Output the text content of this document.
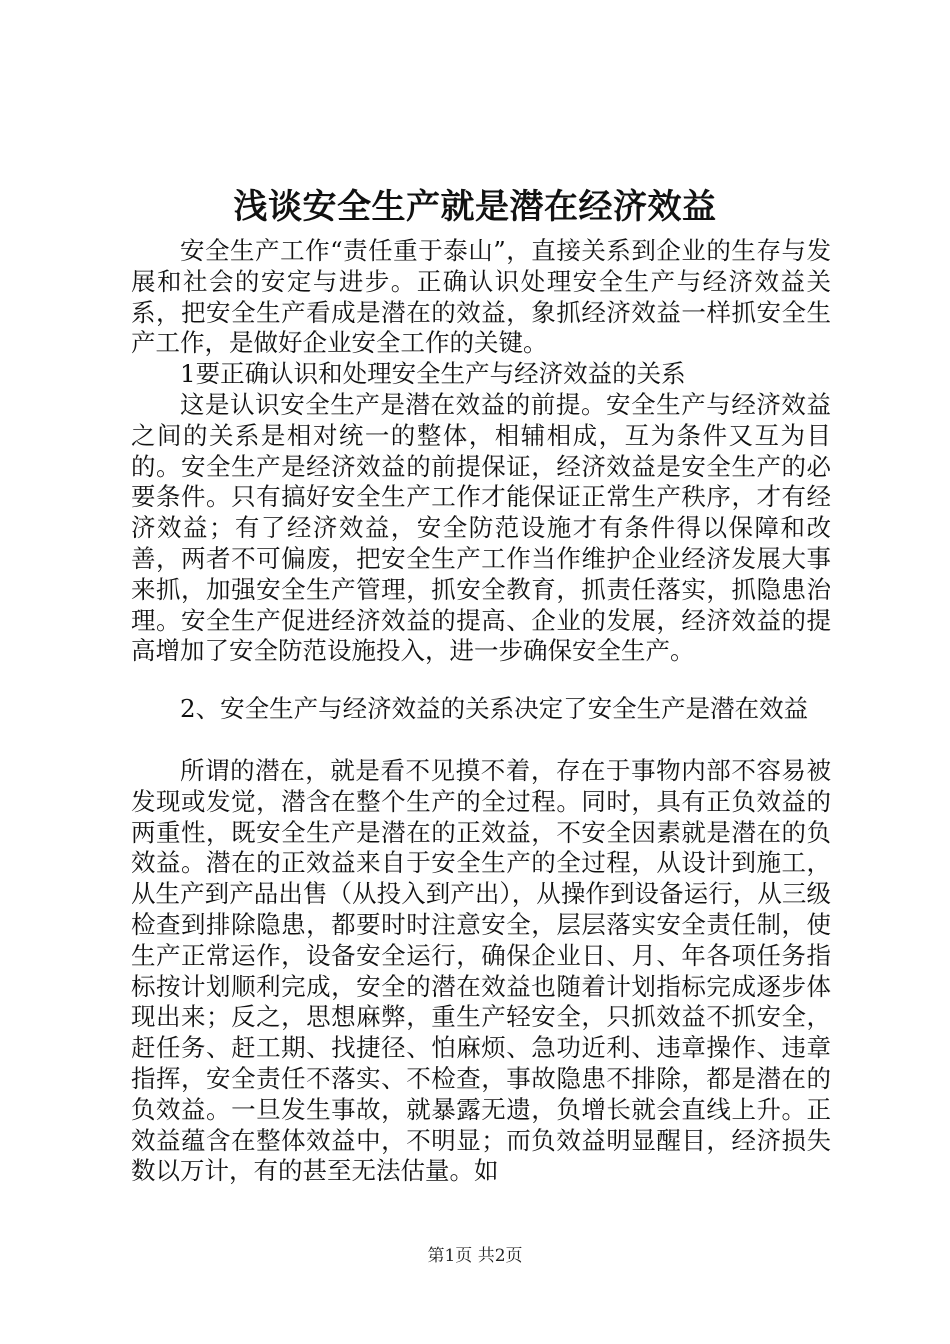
浅谈安全生产就是潜在经济效益

安全生产工作“责任重于泰山”，直接关系到企业的生存与发展和社会的安定与进步。正确认识处理安全生产与经济效益关系，把安全生产看成是潜在的效益，象抓经济效益一样抓安全生产工作，是做好企业安全工作的关键。

1要正确认识和处理安全生产与经济效益的关系

这是认识安全生产是潜在效益的前提。安全生产与经济效益之间的关系是相对统一的整体，相辅相成，互为条件又互为目的。安全生产是经济效益的前提保证，经济效益是安全生产的必要条件。只有搞好安全生产工作才能保证正常生产秩序，才有经济效益；有了经济效益，安全防范设施才有条件得以保障和改善，两者不可偏废，把安全生产工作当作维护企业经济发展大事来抓，加强安全生产管理，抓安全教育，抓责任落实，抓隐患治理。安全生产促进经济效益的提高、企业的发展，经济效益的提高增加了安全防范设施投入，进一步确保安全生产。

2、安全生产与经济效益的关系决定了安全生产是潜在效益

所谓的潜在，就是看不见摸不着，存在于事物内部不容易被发现或发觉，潜含在整个生产的全过程。同时，具有正负效益的两重性，既安全生产是潜在的正效益，不安全因素就是潜在的负效益。潜在的正效益来自于安全生产的全过程，从设计到施工，从生产到产品出售（从投入到产出），从操作到设备运行，从三级检查到排除隐患，都要时时注意安全，层层落实安全责任制，使生产正常运作，设备安全运行，确保企业日、月、年各项任务指标按计划顺利完成，安全的潜在效益也随着计划指标完成逐步体现出来；反之，思想麻弊，重生产轻安全，只抓效益不抓安全，赶任务、赶工期、找捷径、怕麻烦、急功近利、违章操作、违章指挥，安全责任不落实、不检查，事故隐患不排除，都是潜在的负效益。一旦发生事故，就暴露无遗，负增长就会直线上升。正效益蕴含在整体效益中，不明显；而负效益明显醒目，经济损失数以万计，有的甚至无法估量。如

第1页 共2页
